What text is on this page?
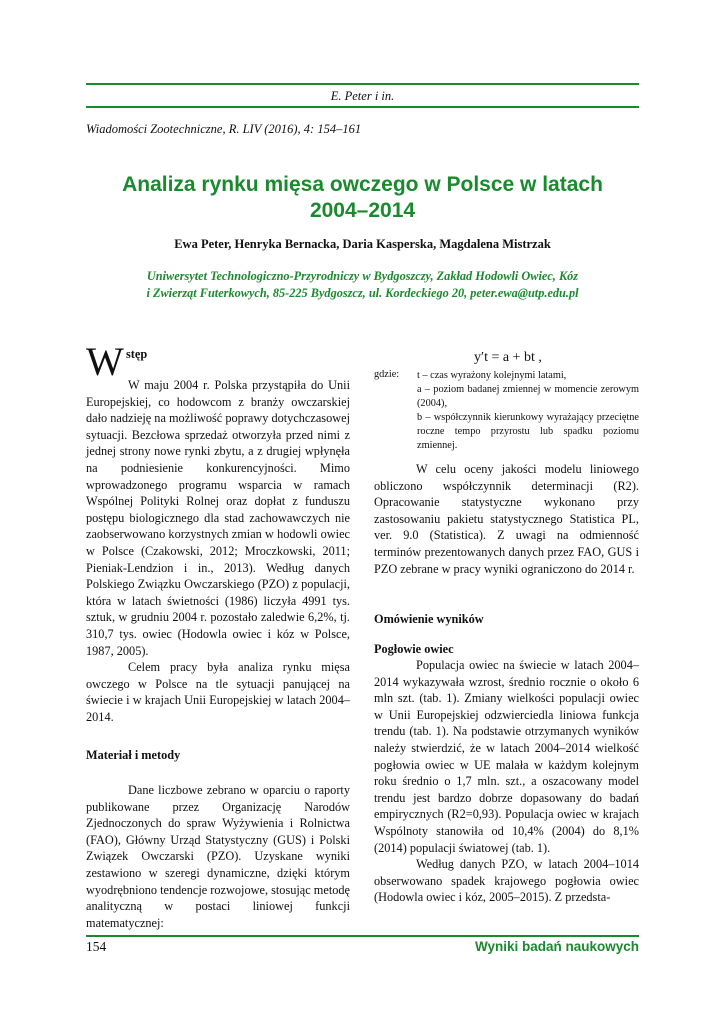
E. Peter i in.
Wiadomości Zootechniczne, R. LIV (2016), 4: 154–161
Analiza rynku mięsa owczego w Polsce w latach
2004–2014
Ewa Peter, Henryka Bernacka, Daria Kasperska, Magdalena Mistrzak
Uniwersytet Technologiczno-Przyrodniczy w Bydgoszczy, Zakład Hodowli Owiec, Kóz
i Zwierząt Futerkowych, 85-225 Bydgoszcz, ul. Kordeckiego 20, peter.ewa@utp.edu.pl
W stęp

W maju 2004 r. Polska przystąpiła do Unii Europejskiej, co hodowcom z branży owczarskiej dało nadzieję na możliwość poprawy dotychczasowej sytuacji. Bezcłowa sprzedaż otworzyła przed nimi z jednej strony nowe rynki zbytu, a z drugiej wpłynęła na podniesienie konkurencyjności. Mimo wprowadzonego programu wsparcia w ramach Wspólnej Polityki Rolnej oraz dopłat z funduszu postępu biologicznego dla stad zachowawczych nie zaobserwowano korzystnych zmian w hodowli owiec w Polsce (Czakowski, 2012; Mroczkowski, 2011; Pieniak-Lendzion i in., 2013). Według danych Polskiego Związku Owczarskiego (PZO) z populacji, która w latach świetności (1986) liczyła 4991 tys. sztuk, w grudniu 2004 r. pozostało zaledwie 6,2%, tj. 310,7 tys. owiec (Hodowla owiec i kóz w Polsce, 1987, 2005).

Celem pracy była analiza rynku mięsa owczego w Polsce na tle sytuacji panującej na świecie i w krajach Unii Europejskiej w latach 2004–2014.

Materiał i metody

Dane liczbowe zebrano w oparciu o raporty publikowane przez Organizację Narodów Zjednoczonych do spraw Wyżywienia i Rolnictwa (FAO), Główny Urząd Statystyczny (GUS) i Polski Związek Owczarski (PZO). Uzyskane wyniki zestawiono w szeregi dynamiczne, dzięki którym wyodrębniono tendencje rozwojowe, stosując metodę analityczną w postaci liniowej funkcji matematycznej:

y′t = a + bt ,
gdzie: t – czas wyrażony kolejnymi latami,
a – poziom badanej zmiennej w momencie zerowym (2004),
b – współczynnik kierunkowy wyrażający przeciętne roczne tempo przyrostu lub spadku poziomu zmiennej.

W celu oceny jakości modelu liniowego obliczono współczynnik determinacji (R2). Opracowanie statystyczne wykonano przy zastosowaniu pakietu statystycznego Statistica PL, ver. 9.0 (Statistica). Z uwagi na odmienność terminów prezentowanych danych przez FAO, GUS i PZO zebrane w pracy wyniki ograniczono do 2014 r.

Omówienie wyników
Pogłowie owiec

Populacja owiec na świecie w latach 2004–2014 wykazywała wzrost, średnio rocznie o około 6 mln szt. (tab. 1). Zmiany wielkości populacji owiec w Unii Europejskiej odzwierciedla liniowa funkcja trendu (tab. 1). Na podstawie otrzymanych wyników należy stwierdzić, że w latach 2004–2014 wielkość pogłowia owiec w UE malała w każdym kolejnym roku średnio o 1,7 mln. szt., a oszacowany model trendu jest bardzo dobrze dopasowany do badań empirycznych (R2=0,93). Populacja owiec w krajach Wspólnoty stanowiła od 10,4% (2004) do 8,1% (2014) populacji światowej (tab. 1).

Według danych PZO, w latach 2004–1014 obserwowano spadek krajowego pogłowia owiec (Hodowla owiec i kóz, 2005–2015). Z przedsta-

154	Wyniki badań naukowych
